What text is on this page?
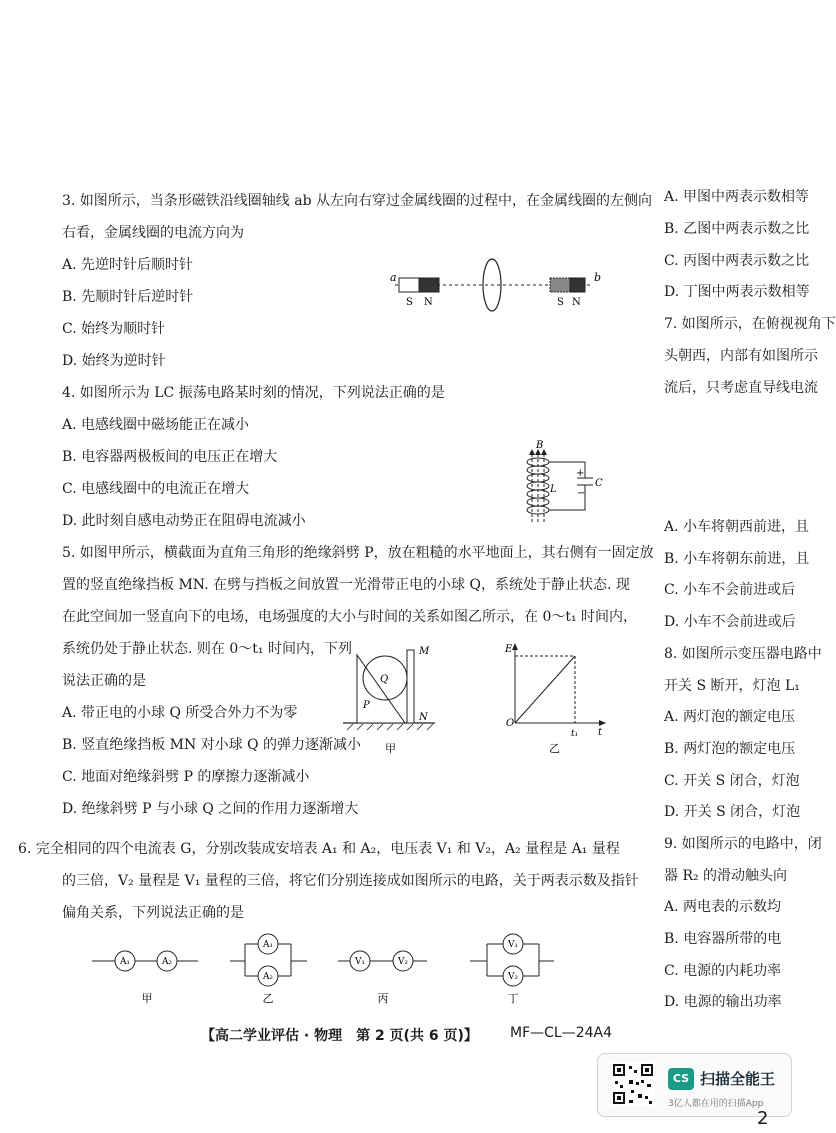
3. 如图所示，当条形磁铁沿线圈轴线 ab 从左向右穿过金属线圈的过程中，在金属线圈的左侧向
右看，金属线圈的电流方向为
A. 先逆时针后顺时针
B. 先顺时针后逆时针
C. 始终为顺时针
D. 始终为逆时针
a	b
S N	S N
4. 如图所示为 LC 振荡电路某时刻的情况，下列说法正确的是
A. 电感线圈中磁场能正在减小
B. 电容器两极板间的电压正在增大
C. 电感线圈中的电流正在增大
D. 此时刻自感电动势正在阻碍电流减小
B
L
+
−
C
5. 如图甲所示，横截面为直角三角形的绝缘斜劈 P，放在粗糙的水平地面上，其右侧有一固定放
置的竖直绝缘挡板 MN. 在劈与挡板之间放置一光滑带正电的小球 Q，系统处于静止状态. 现
在此空间加一竖直向下的电场，电场强度的大小与时间的关系如图乙所示，在 0～t₁ 时间内，
系统仍处于静止状态. 则在 0～t₁ 时间内，下列
说法正确的是
A. 带正电的小球 Q 所受合外力不为零
B. 竖直绝缘挡板 MN 对小球 Q 的弹力逐渐减小
C. 地面对绝缘斜劈 P 的摩擦力逐渐减小
D. 绝缘斜劈 P 与小球 Q 之间的作用力逐渐增大
M
N
Q
P
甲
E
O
t
t₁
乙
6. 完全相同的四个电流表 G，分别改装成安培表 A₁ 和 A₂，电压表 V₁ 和 V₂，A₂ 量程是 A₁ 量程
的三倍，V₂ 量程是 V₁ 量程的三倍，将它们分别连接成如图所示的电路，关于两表示数及指针
偏角关系，下列说法正确的是
A₁	A₂
A₁
A₂
V₁	V₂
V₁
V₂
甲	乙	丙	丁
A. 甲图中两表示数相等
B. 乙图中两表示数之比
C. 丙图中两表示数之比
D. 丁图中两表示数相等
7. 如图所示，在俯视视角下
头朝西，内部有如图所示
流后，只考虑直导线电流
A. 小车将朝西前进，且
B. 小车将朝东前进，且
C. 小车不会前进或后
D. 小车不会前进或后
8. 如图所示变压器电路中
开关 S 断开，灯泡 L₁
A. 两灯泡的额定电压
B. 两灯泡的额定电压
C. 开关 S 闭合，灯泡
D. 开关 S 闭合，灯泡
9. 如图所示的电路中，闭
器 R₂ 的滑动触头向
A. 两电表的示数均
B. 电容器所带的电
C. 电源的内耗功率
D. 电源的输出功率
【高二学业评估 · 物理　第 2 页(共 6 页)】 MF—CL—24A4
CS 扫描全能王
3亿人都在用的扫描App
2
